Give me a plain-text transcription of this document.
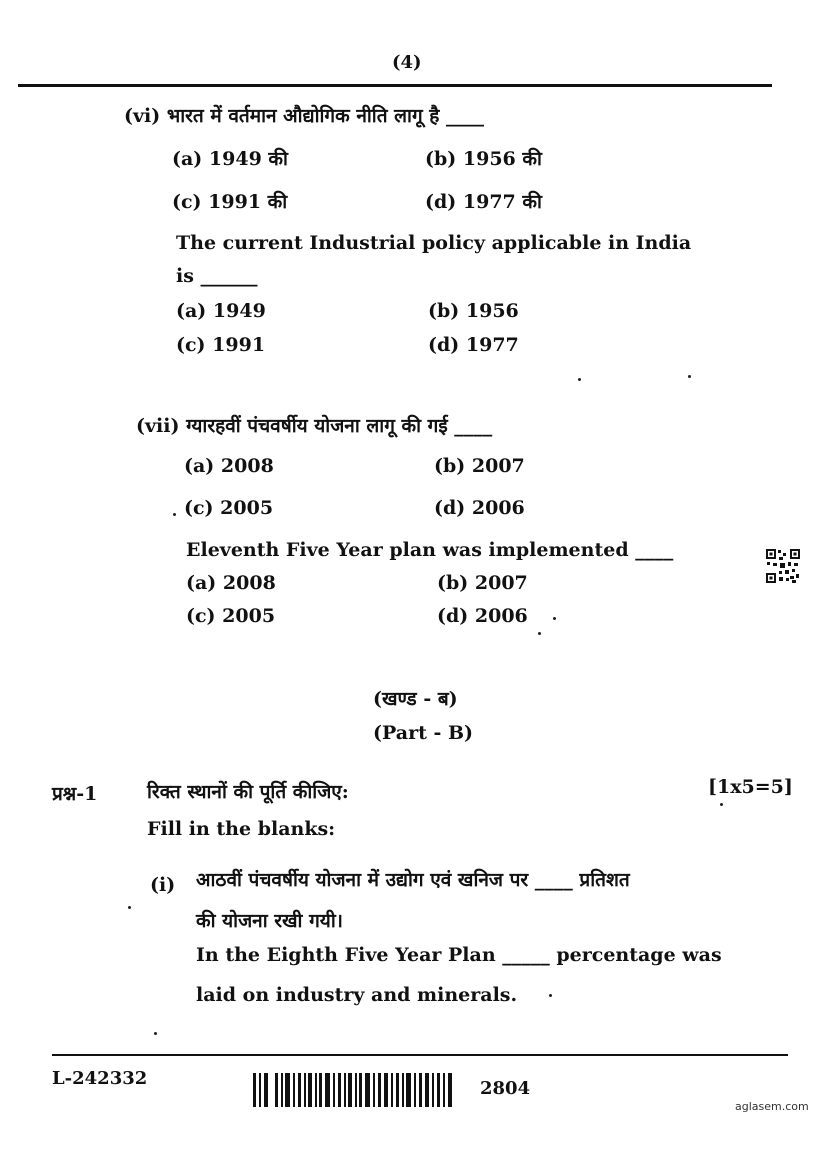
(4)
(vi) भारत में वर्तमान औद्योगिक नीति लागू है ____
(a) 1949 की	(b) 1956 की
(c) 1991 की	(d) 1977 की
The current Industrial policy applicable in India
is ______
(a) 1949	(b) 1956
(c) 1991	(d) 1977
(vii) ग्यारहवीं पंचवर्षीय योजना लागू की गई ____
(a) 2008	(b) 2007
(c) 2005	(d) 2006
Eleventh Five Year plan was implemented ____
(a) 2008	(b) 2007
(c) 2005	(d) 2006
(खण्ड - ब)
(Part - B)
प्रश्न-1	रिक्त स्थानों की पूर्ति कीजिए:	[1x5=5]
Fill in the blanks:
(i) आठवीं पंचवर्षीय योजना में उद्योग एवं खनिज पर ____ प्रतिशत
की योजना रखी गयी।
In the Eighth Five Year Plan _____ percentage was
laid on industry and minerals.
L-242332	2804
aglasem.com
